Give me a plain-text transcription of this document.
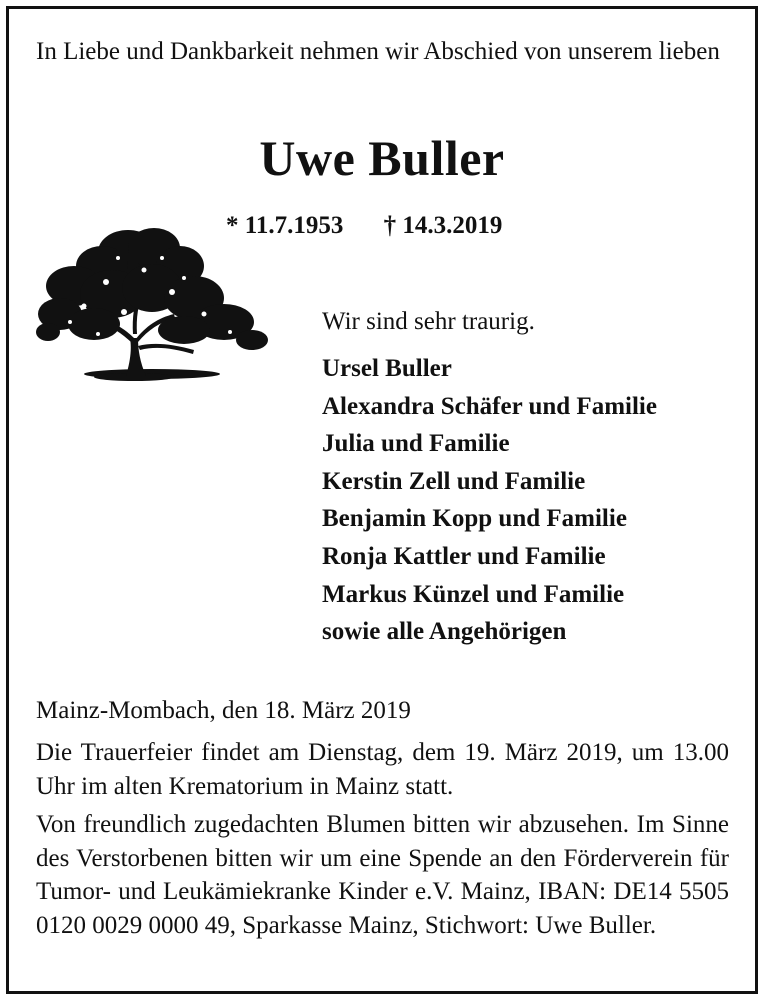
In Liebe und Dankbarkeit nehmen wir Abschied von unserem lieben

Uwe Buller
* 11.7.1953 † 14.3.2019

Wir sind sehr traurig.

Ursel Buller
Alexandra Schäfer und Familie
Julia und Familie
Kerstin Zell und Familie
Benjamin Kopp und Familie
Ronja Kattler und Familie
Markus Künzel und Familie
sowie alle Angehörigen

Mainz-Mombach, den 18. März 2019

Die Trauerfeier findet am Dienstag, dem 19. März 2019, um 13.00 Uhr im alten Krematorium in Mainz statt.

Von freundlich zugedachten Blumen bitten wir abzusehen. Im Sinne des Verstorbenen bitten wir um eine Spende an den Förderverein für Tumor- und Leukämiekranke Kinder e.V. Mainz, IBAN: DE14 5505 0120 0029 0000 49, Sparkasse Mainz, Stichwort: Uwe Buller.
